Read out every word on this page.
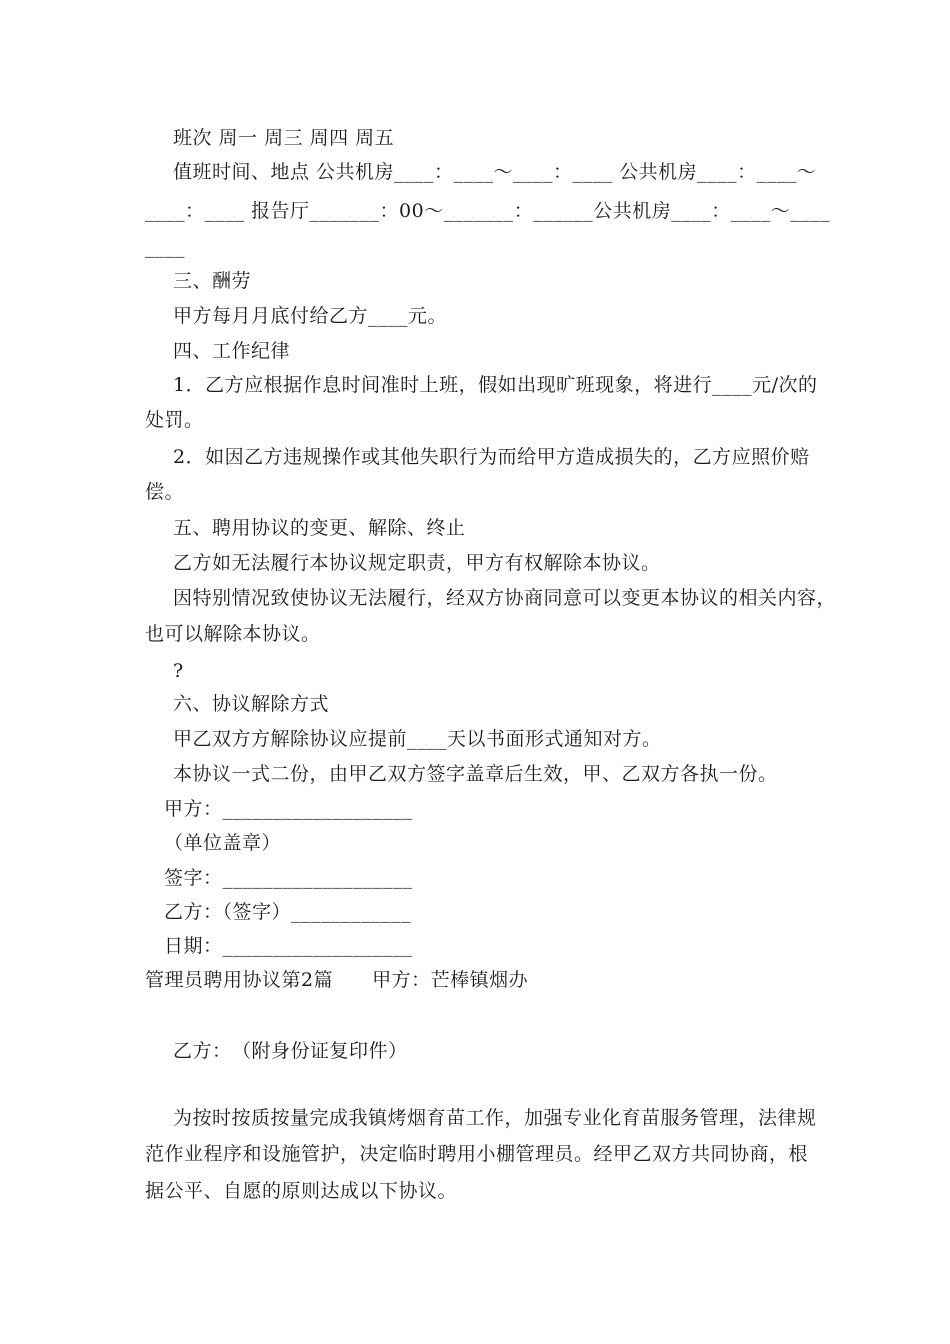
班次 周一 周三 周四 周五
值班时间、地点 公共机房____：____～____：____ 公共机房____：____～
____：____ 报告厅_______：00～_______：______公共机房____：____～____
____
三、酬劳
甲方每月月底付给乙方____元。
四、工作纪律
1．乙方应根据作息时间准时上班，假如出现旷班现象，将进行____元/次的
处罚。
2．如因乙方违规操作或其他失职行为而给甲方造成损失的，乙方应照价赔
偿。
五、聘用协议的变更、解除、终止
乙方如无法履行本协议规定职责，甲方有权解除本协议。
因特别情况致使协议无法履行，经双方协商同意可以变更本协议的相关内容，
也可以解除本协议。
?
六、协议解除方式
甲乙双方方解除协议应提前____天以书面形式通知对方。
本协议一式二份，由甲乙双方签字盖章后生效，甲、乙双方各执一份。
甲方：___________________
（单位盖章）
签字：___________________
乙方：（签字）____________
日期：___________________
管理员聘用协议第2篇　　甲方：芒棒镇烟办
乙方：　（附身份证复印件）
为按时按质按量完成我镇烤烟育苗工作，加强专业化育苗服务管理，法律规
范作业程序和设施管护，决定临时聘用小棚管理员。经甲乙双方共同协商，根
据公平、自愿的原则达成以下协议。
